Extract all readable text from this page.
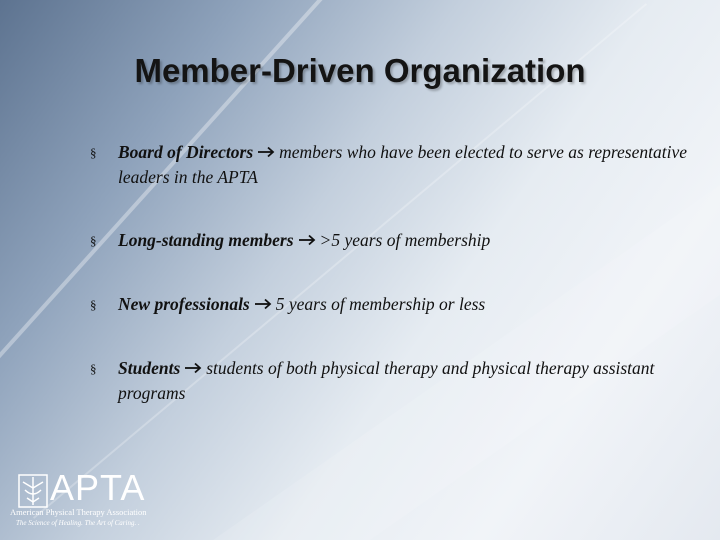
Member-Driven Organization
§ Board of Directors members who have been elected to serve as representative leaders in the APTA
§ Long-standing members >5 years of membership
§ New professionals 5 years of membership or less
§ Students students of both physical therapy and physical therapy assistant programs
APTA
American Physical Therapy Association
The Science of Healing. The Art of Caring. .
